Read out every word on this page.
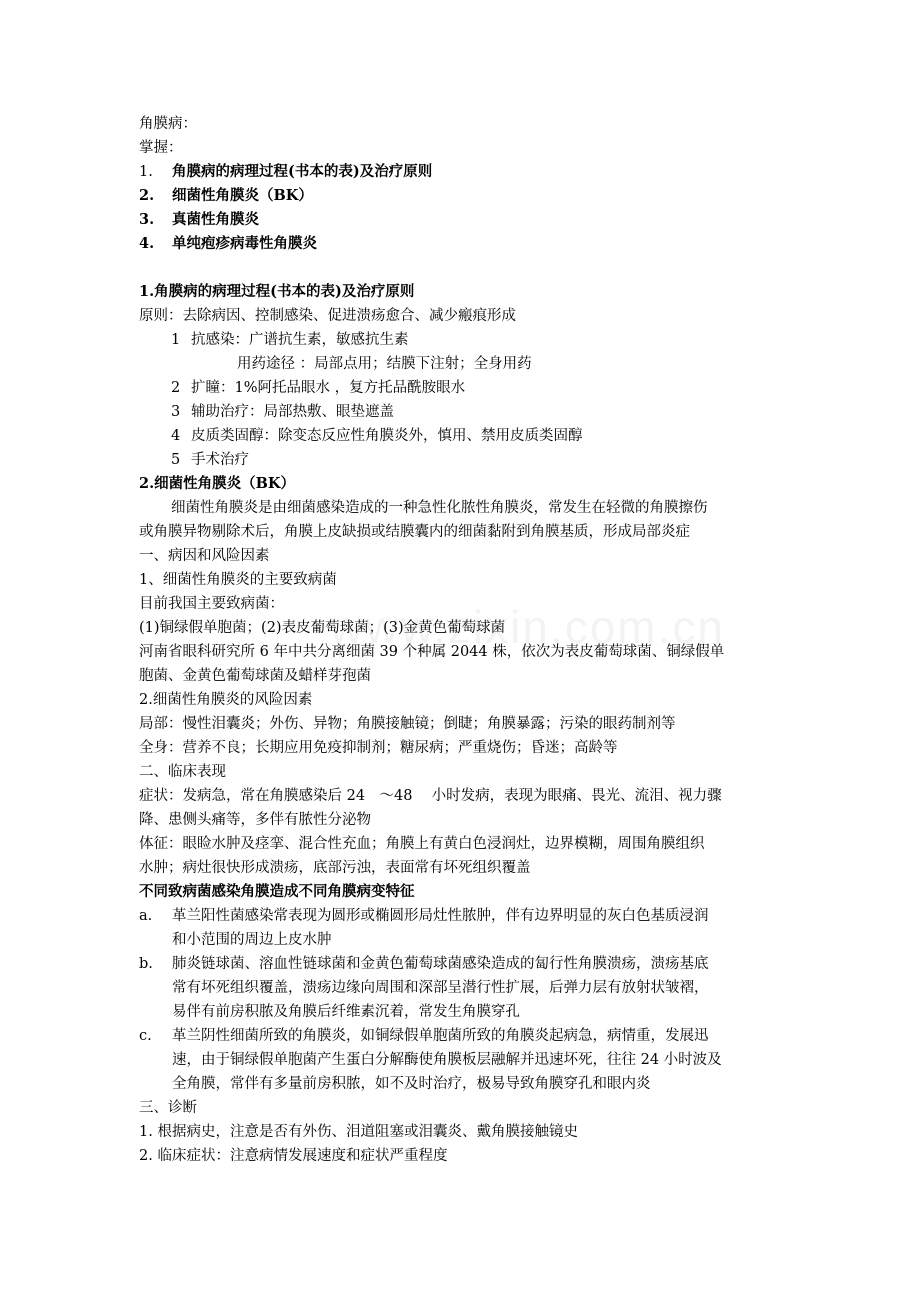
角膜病：
掌握：
1. 角膜病的病理过程(书本的表)及治疗原则
2. 细菌性角膜炎（BK）
3. 真菌性角膜炎
4. 单纯疱疹病毒性角膜炎
1.角膜病的病理过程(书本的表)及治疗原则
原则：去除病因、控制感染、促进溃疡愈合、减少瘢痕形成
1 抗感染：广谱抗生素，敏感抗生素
用药途径 ：局部点用；结膜下注射；全身用药
2 扩瞳：1%阿托品眼水 ，复方托品酰胺眼水
3 辅助治疗：局部热敷、眼垫遮盖
4 皮质类固醇：除变态反应性角膜炎外，慎用、禁用皮质类固醇
5 手术治疗
2.细菌性角膜炎（BK）
细菌性角膜炎是由细菌感染造成的一种急性化脓性角膜炎，常发生在轻微的角膜擦伤
或角膜异物剔除术后，角膜上皮缺损或结膜囊内的细菌黏附到角膜基质，形成局部炎症
一、病因和风险因素
1、细菌性角膜炎的主要致病菌
目前我国主要致病菌：
(1)铜绿假单胞菌；(2)表皮葡萄球菌；(3)金黄色葡萄球菌
河南省眼科研究所 6 年中共分离细菌 39 个种属 2044 株，依次为表皮葡萄球菌、铜绿假单
胞菌、金黄色葡萄球菌及蜡样芽孢菌
2.细菌性角膜炎的风险因素
局部：慢性泪囊炎；外伤、异物；角膜接触镜；倒睫；角膜暴露；污染的眼药制剂等
全身：营养不良；长期应用免疫抑制剂；糖尿病；严重烧伤；昏迷；高龄等
二、临床表现
症状：发病急，常在角膜感染后 24　～48　 小时发病，表现为眼痛、畏光、流泪、视力骤
降、患侧头痛等，多伴有脓性分泌物
体征：眼睑水肿及痉挛、混合性充血；角膜上有黄白色浸润灶，边界模糊，周围角膜组织
水肿；病灶很快形成溃疡，底部污浊，表面常有坏死组织覆盖
不同致病菌感染角膜造成不同角膜病变特征
a. 革兰阳性菌感染常表现为圆形或椭圆形局灶性脓肿，伴有边界明显的灰白色基质浸润
和小范围的周边上皮水肿
b. 肺炎链球菌、溶血性链球菌和金黄色葡萄球菌感染造成的匐行性角膜溃疡，溃疡基底
常有坏死组织覆盖，溃疡边缘向周围和深部呈潜行性扩展，后弹力层有放射状皱褶，
易伴有前房积脓及角膜后纤维素沉着，常发生角膜穿孔
c. 革兰阴性细菌所致的角膜炎，如铜绿假单胞菌所致的角膜炎起病急，病情重，发展迅
速，由于铜绿假单胞菌产生蛋白分解酶使角膜板层融解并迅速坏死，往往 24 小时波及
全角膜，常伴有多量前房积脓，如不及时治疗，极易导致角膜穿孔和眼内炎
三、诊断
1. 根据病史，注意是否有外伤、泪道阻塞或泪囊炎、戴角膜接触镜史
2. 临床症状：注意病情发展速度和症状严重程度
